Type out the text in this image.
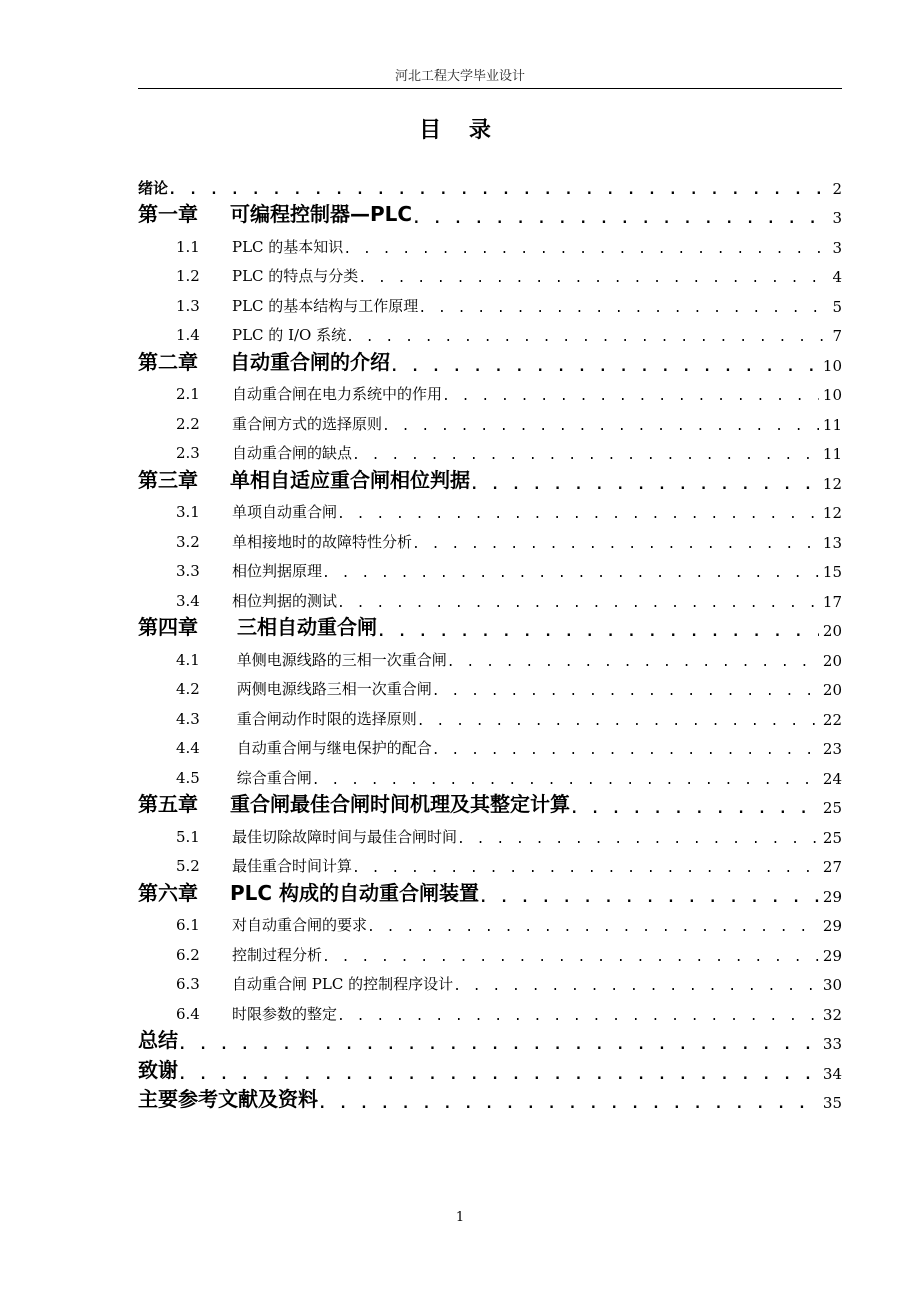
河北工程大学毕业设计
目 录
绪论 . . .	2
第一章 可编程控制器—PLC . . .	3
1.1 PLC 的基本知识 . . .	3
1.2 PLC 的特点与分类 . . .	4
1.3 PLC 的基本结构与工作原理 . . .	5
1.4 PLC 的 I/O 系统 . . .	7
第二章 自动重合闸的介绍 . . .	10
2.1 自动重合闸在电力系统中的作用 . . .	10
2.2 重合闸方式的选择原则 . . .	11
2.3 自动重合闸的缺点 . . .	11
第三章 单相自适应重合闸相位判据 . . .	12
3.1 单项自动重合闸 . . .	12
3.2 单相接地时的故障特性分析 . . .	13
3.3 相位判据原理 . . .	15
3.4 相位判据的测试 . . .	17
第四章 三相自动重合闸 . . .	20
4.1 单侧电源线路的三相一次重合闸 . . .	20
4.2 两侧电源线路三相一次重合闸 . . .	20
4.3 重合闸动作时限的选择原则 . . .	22
4.4 自动重合闸与继电保护的配合 . . .	23
4.5 综合重合闸 . . .	24
第五章 重合闸最佳合闸时间机理及其整定计算 . . .	25
5.1 最佳切除故障时间与最佳合闸时间 . . .	25
5.2 最佳重合时间计算 . . .	27
第六章 PLC 构成的自动重合闸装置 . . .	29
6.1 对自动重合闸的要求 . . .	29
6.2 控制过程分析 . . .	29
6.3 自动重合闸 PLC 的控制程序设计 . . .	30
6.4 时限参数的整定 . . .	32
总结 . . .	33
致谢 . . .	34
主要参考文献及资料 . . .	35
1
